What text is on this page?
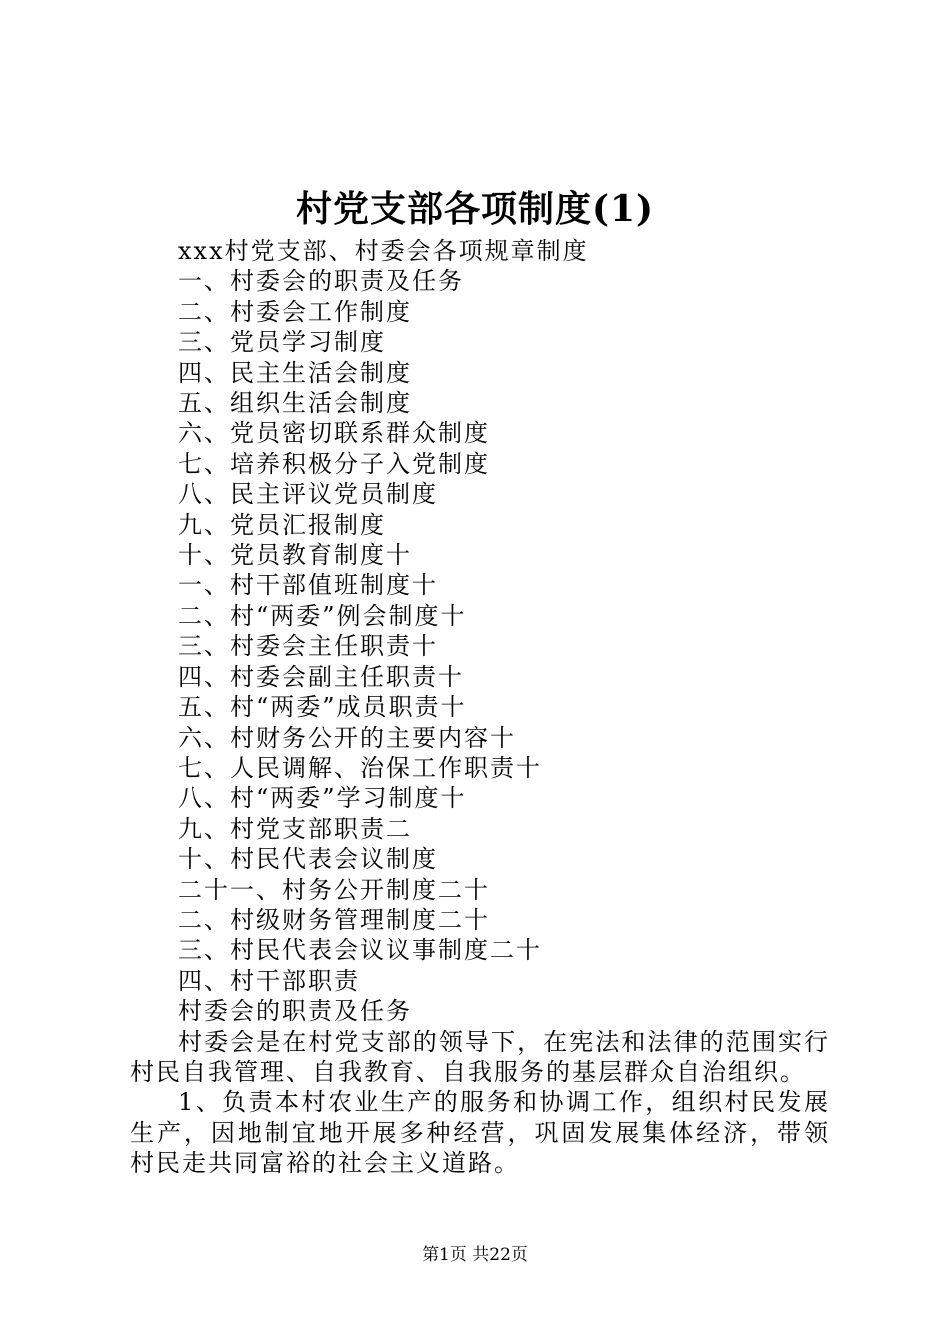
村党支部各项制度(1)
xxx村党支部、村委会各项规章制度
一、村委会的职责及任务
二、村委会工作制度
三、党员学习制度
四、民主生活会制度
五、组织生活会制度
六、党员密切联系群众制度
七、培养积极分子入党制度
八、民主评议党员制度
九、党员汇报制度
十、党员教育制度十
一、村干部值班制度十
二、村“两委”例会制度十
三、村委会主任职责十
四、村委会副主任职责十
五、村“两委”成员职责十
六、村财务公开的主要内容十
七、人民调解、治保工作职责十
八、村“两委”学习制度十
九、村党支部职责二
十、村民代表会议制度
二十一、村务公开制度二十
二、村级财务管理制度二十
三、村民代表会议议事制度二十
四、村干部职责
村委会的职责及任务
村委会是在村党支部的领导下，在宪法和法律的范围实行村民自我管理、自我教育、自我服务的基层群众自治组织。
1、负责本村农业生产的服务和协调工作，组织村民发展生产，因地制宜地开展多种经营，巩固发展集体经济，带领村民走共同富裕的社会主义道路。
第1页 共22页
